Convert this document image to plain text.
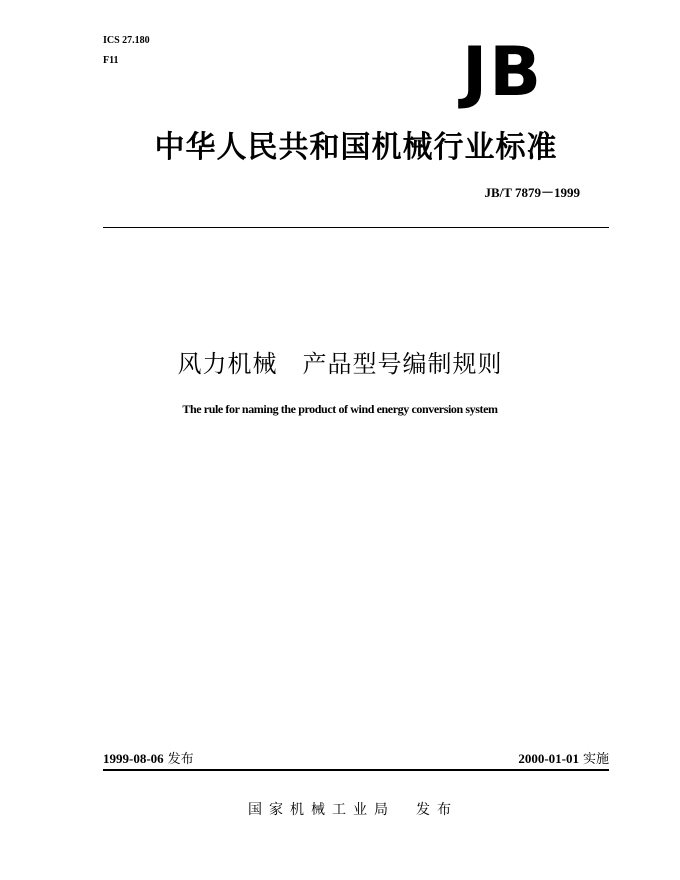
ICS 27.180
F11	JB
中华人民共和国机械行业标准
JB/T 7879－1999
风力机械　产品型号编制规则
The rule for naming the product of wind energy conversion system
1999-08-06 发布	2000-01-01 实施
国家机械工业局　发布
